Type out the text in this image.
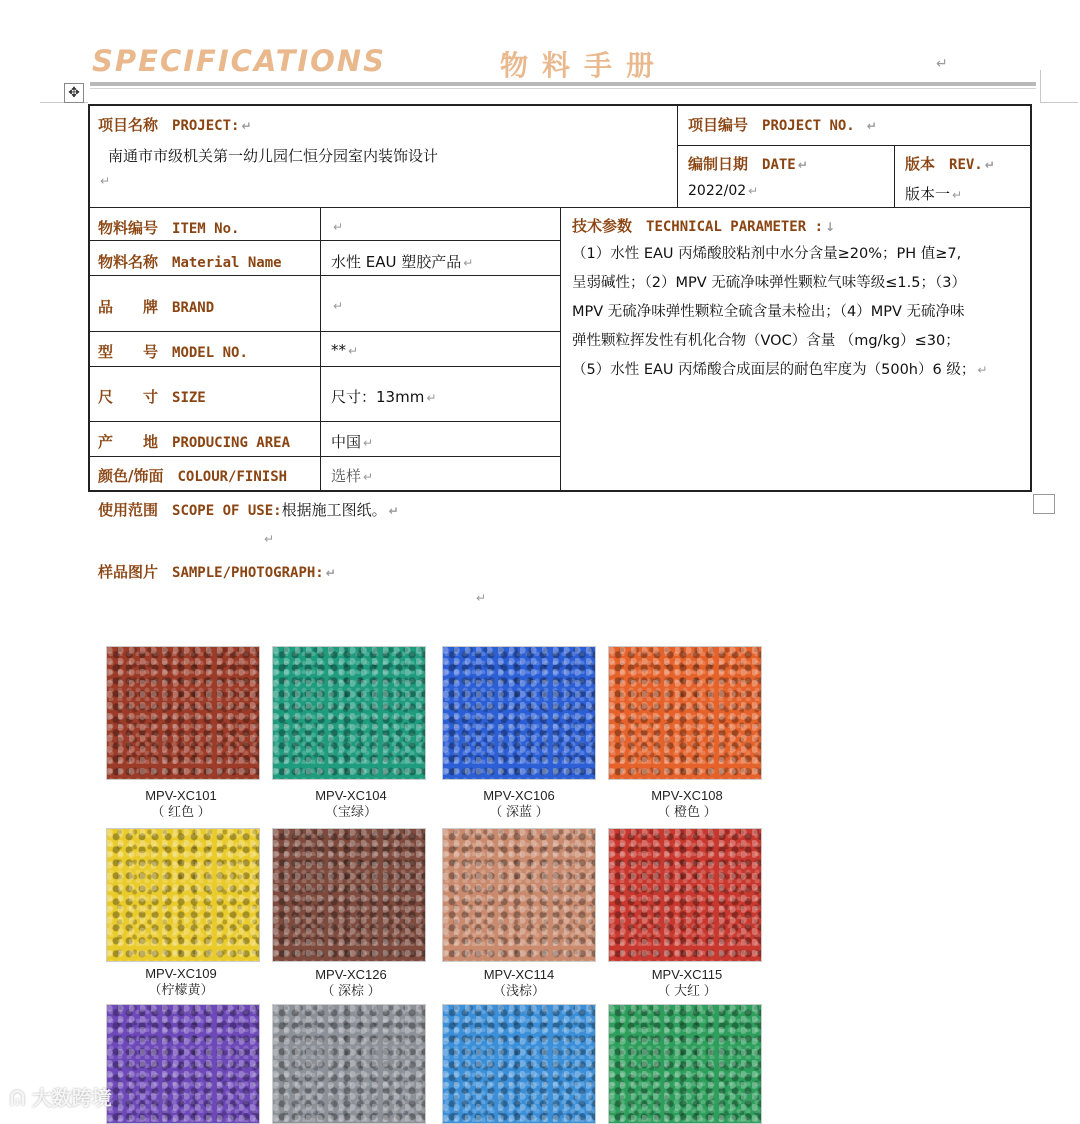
SPECIFICATIONS	物料手册	↵
✥
项目名称 PROJECT: ↵
南通市市级机关第一幼儿园仁恒分园室内装饰设计
↵
项目编号 PROJECT NO. ↵
编制日期 DATE ↵
2022/02 ↵
版本 REV. ↵
版本一 ↵
物料编号 ITEM No.	↵
物料名称 Material Name	水性 EAU 塑胶产品 ↵
品　　牌 BRAND	↵
型　　号 MODEL NO.	** ↵
尺　　寸 SIZE	尺寸：13mm ↵
产　　地 PRODUCING AREA	中国 ↵
颜色/饰面 COLOUR/FINISH	选样 ↵
技术参数 TECHNICAL PARAMETER : ↓
（1）水性 EAU 丙烯酸胶粘剂中水分含量≥20%；PH 值≥7,
呈弱碱性；（2）MPV 无硫净味弹性颗粒气味等级≤1.5；（3）
MPV 无硫净味弹性颗粒全硫含量未检出；（4）MPV 无硫净味
弹性颗粒挥发性有机化合物（VOC）含量 （mg/kg）≤30；
（5）水性 EAU 丙烯酸合成面层的耐色牢度为（500h）6 级； ↵
使用范围 SCOPE OF USE:根据施工图纸。 ↵
↵
样品图片 SAMPLE/PHOTOGRAPH: ↵
↵
MPV-XC101
（ 红色 ）
MPV-XC104
（宝绿）
MPV-XC106
（ 深蓝 ）
MPV-XC108
（ 橙色 ）
MPV-XC109
（柠檬黄）
MPV-XC126
（ 深棕 ）
MPV-XC114
（浅棕）
MPV-XC115
（ 大红 ）
ᕬ 大数跨境
